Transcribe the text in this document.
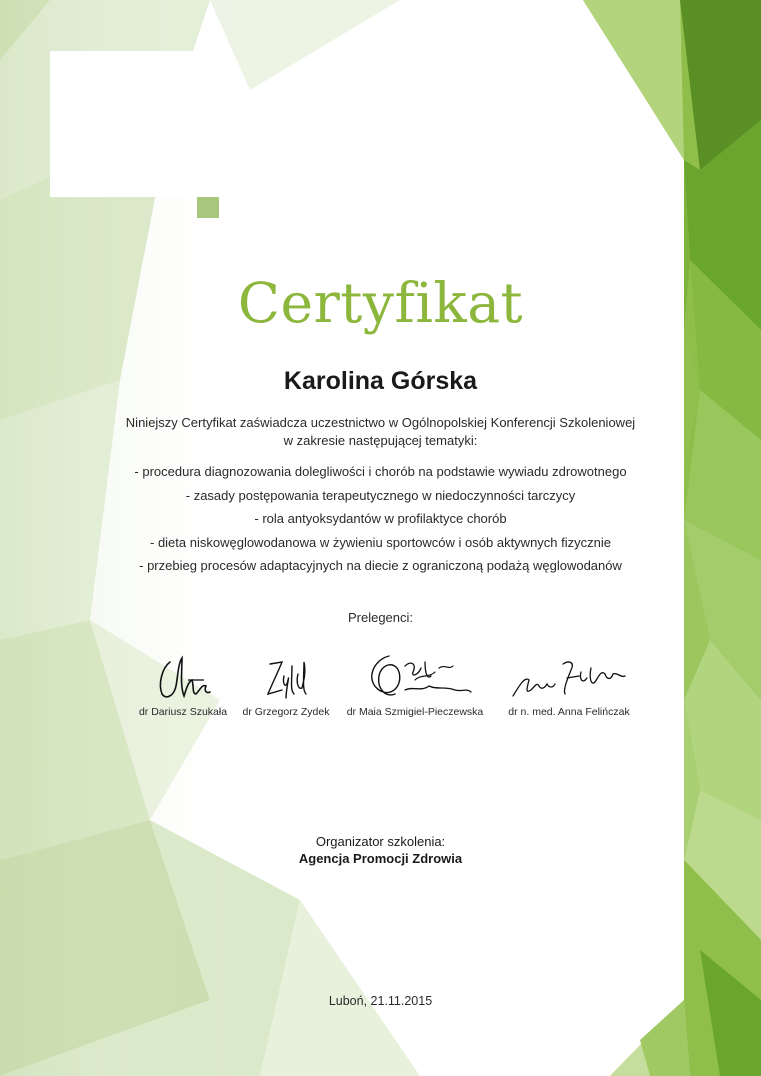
Certyfikat
Karolina Górska
Niniejszy Certyfikat zaświadcza uczestnictwo w Ogólnopolskiej Konferencji Szkoleniowej
w zakresie następującej tematyki:
- procedura diagnozowania dolegliwości i chorób na podstawie wywiadu zdrowotnego
- zasady postępowania terapeutycznego w niedoczynności tarczycy
- rola antyoksydantów w profilaktyce chorób
- dieta niskowęglowodanowa w żywieniu sportowców i osób aktywnych fizycznie
- przebieg procesów adaptacyjnych na diecie z ograniczoną podażą węglowodanów
Prelegenci:
dr Dariusz Szukała	dr Grzegorz Zydek	dr Maia Szmigiel-Pieczewska	dr n. med. Anna Felińczak
Organizator szkolenia:
Agencja Promocji Zdrowia
Luboń, 21.11.2015
